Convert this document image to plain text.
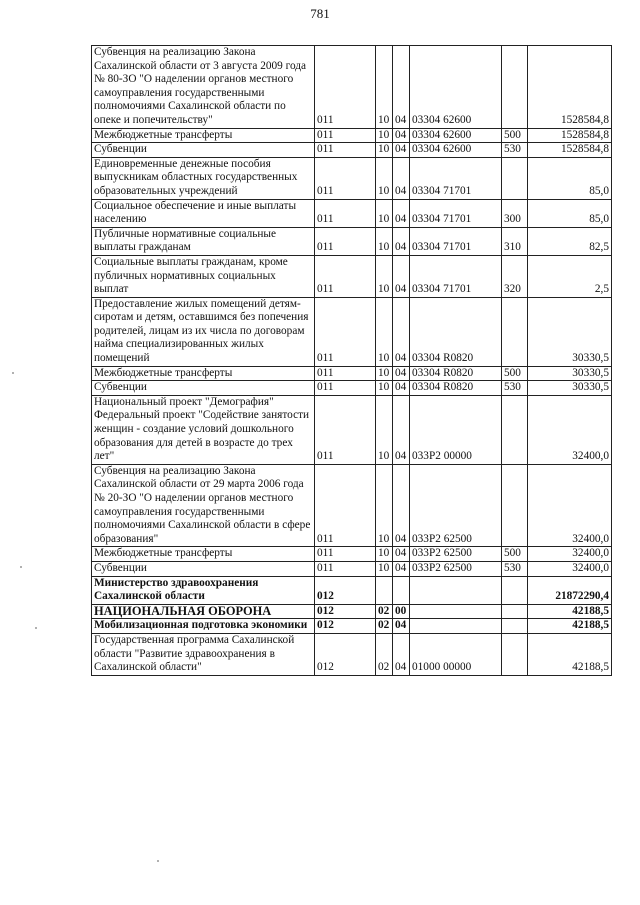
781
Субвенция на реализацию Закона Сахалинской области от 3 августа 2009 года № 80-ЗО "О наделении органов местного самоуправления государственными полномочиями Сахалинской области по опеке и попечительству"	011	10	04	03304 62600		1528584,8
Межбюджетные трансферты	011	10	04	03304 62600	500	1528584,8
Субвенции	011	10	04	03304 62600	530	1528584,8
Единовременные денежные пособия выпускникам областных государственных образовательных учреждений	011	10	04	03304 71701		85,0
Социальное обеспечение и иные выплаты населению	011	10	04	03304 71701	300	85,0
Публичные нормативные социальные выплаты гражданам	011	10	04	03304 71701	310	82,5
Социальные выплаты гражданам, кроме публичных нормативных социальных выплат	011	10	04	03304 71701	320	2,5
Предоставление жилых помещений детям-сиротам и детям, оставшимся без попечения родителей, лицам из их числа по договорам найма специализированных жилых помещений	011	10	04	03304 R0820		30330,5
Межбюджетные трансферты	011	10	04	03304 R0820	500	30330,5
Субвенции	011	10	04	03304 R0820	530	30330,5
Национальный проект "Демография" Федеральный проект "Содействие занятости женщин - создание условий дошкольного образования для детей в возрасте до трех лет"	011	10	04	033Р2 00000		32400,0
Субвенция на реализацию Закона Сахалинской области от 29 марта 2006 года № 20-ЗО "О наделении органов местного самоуправления государственными полномочиями Сахалинской области в сфере образования"	011	10	04	033Р2 62500		32400,0
Межбюджетные трансферты	011	10	04	033Р2 62500	500	32400,0
Субвенции	011	10	04	033Р2 62500	530	32400,0
Министерство здравоохранения Сахалинской области	012					21872290,4
НАЦИОНАЛЬНАЯ ОБОРОНА	012	02	00			42188,5
Мобилизационная подготовка экономики	012	02	04			42188,5
Государственная программа Сахалинской области "Развитие здравоохранения в Сахалинской области"	012	02	04	01000 00000		42188,5
